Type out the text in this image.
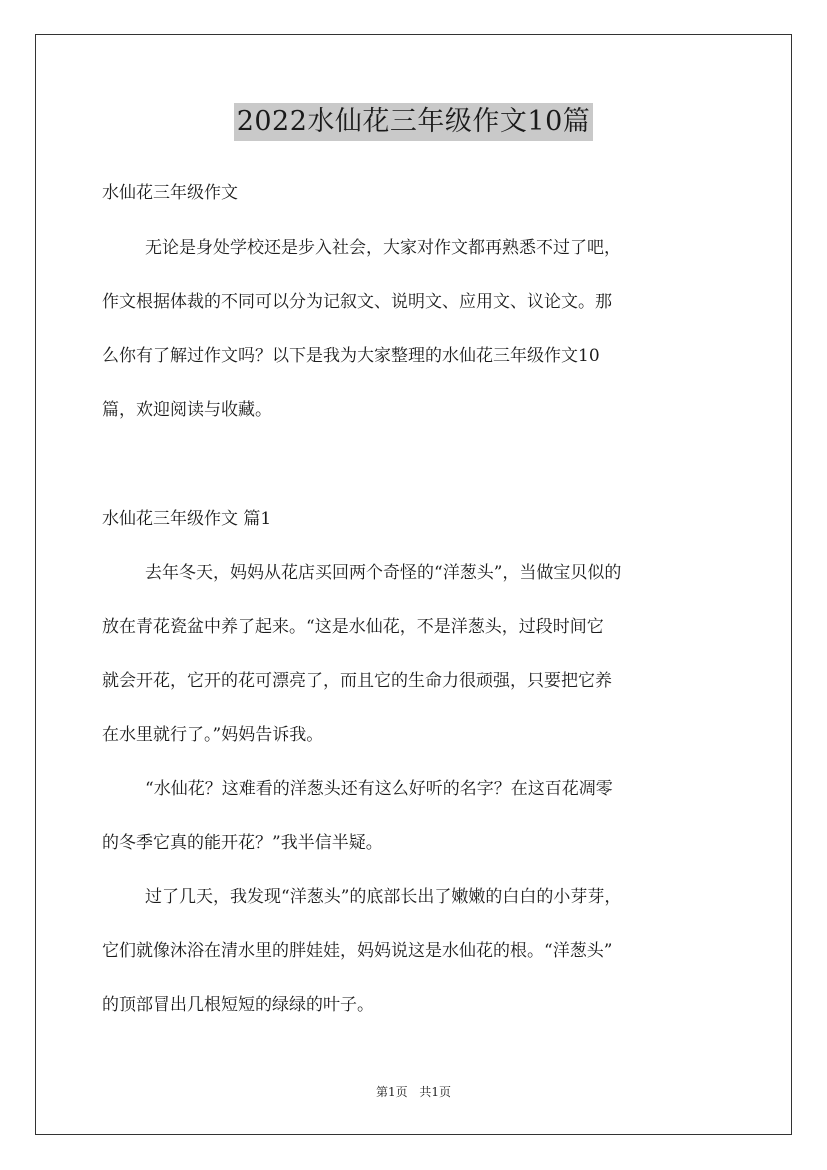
2022水仙花三年级作文10篇
水仙花三年级作文
无论是身处学校还是步入社会，大家对作文都再熟悉不过了吧，
作文根据体裁的不同可以分为记叙文、说明文、应用文、议论文。那
么你有了解过作文吗？以下是我为大家整理的水仙花三年级作文10
篇，欢迎阅读与收藏。
水仙花三年级作文 篇1
去年冬天，妈妈从花店买回两个奇怪的“洋葱头”，当做宝贝似的
放在青花瓷盆中养了起来。“这是水仙花，不是洋葱头，过段时间它
就会开花，它开的花可漂亮了，而且它的生命力很顽强，只要把它养
在水里就行了。”妈妈告诉我。
“水仙花？这难看的洋葱头还有这么好听的名字？在这百花凋零
的冬季它真的能开花？”我半信半疑。
过了几天，我发现“洋葱头”的底部长出了嫩嫩的白白的小芽芽，
它们就像沐浴在清水里的胖娃娃，妈妈说这是水仙花的根。“洋葱头”
的顶部冒出几根短短的绿绿的叶子。
第1页 共1页
